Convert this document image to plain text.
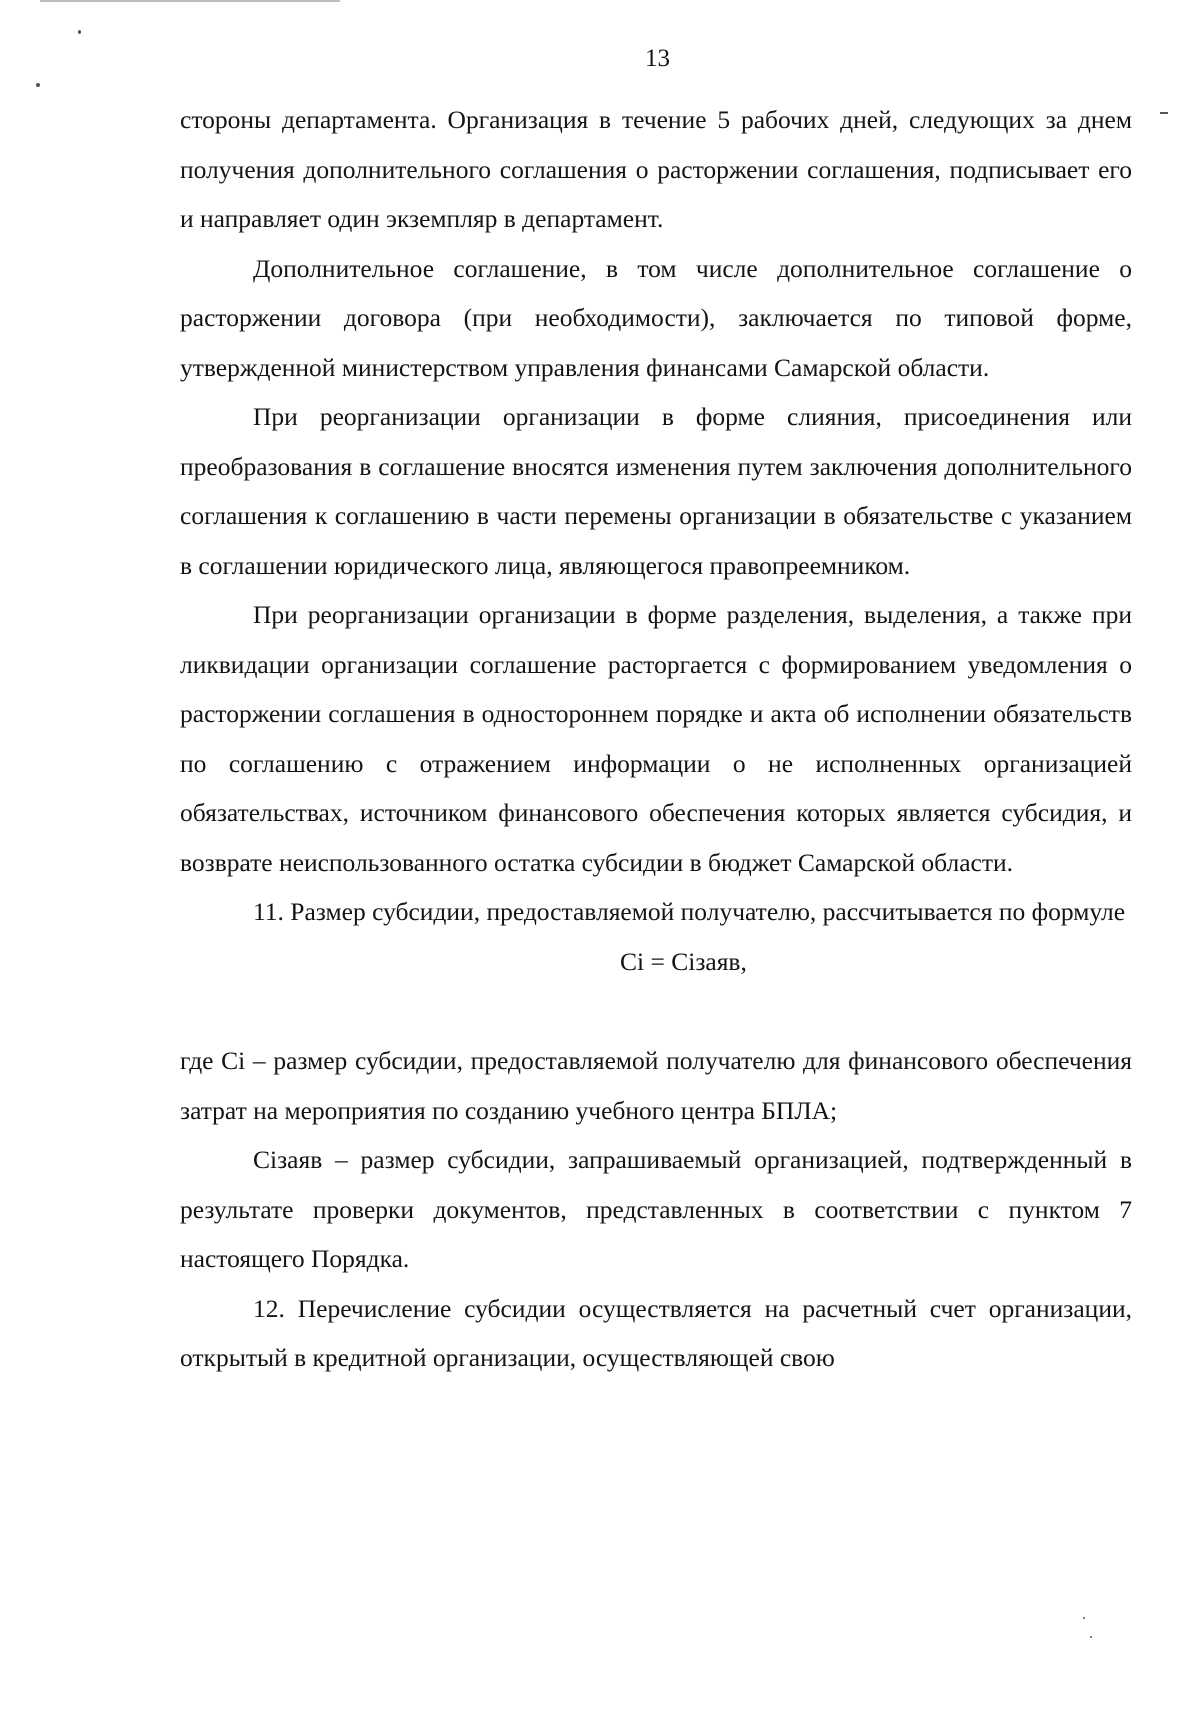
13

стороны департамента. Организация в течение 5 рабочих дней, следующих за днем получения дополнительного соглашения о расторжении соглашения, подписывает его и направляет один экземпляр в департамент.

Дополнительное соглашение, в том числе дополнительное соглашение о расторжении договора (при необходимости), заключается по типовой форме, утвержденной министерством управления финансами Самарской области.

При реорганизации организации в форме слияния, присоединения или преобразования в соглашение вносятся изменения путем заключения дополнительного соглашения к соглашению в части перемены организации в обязательстве с указанием в соглашении юридического лица, являющегося правопреемником.

При реорганизации организации в форме разделения, выделения, а также при ликвидации организации соглашение расторгается с формированием уведомления о расторжении соглашения в одностороннем порядке и акта об исполнении обязательств по соглашению с отражением информации о не исполненных организацией обязательствах, источником финансового обеспечения которых является субсидия, и возврате неиспользованного остатка субсидии в бюджет Самарской области.

11. Размер субсидии, предоставляемой получателю, рассчитывается по формуле

Ci = Ciзаяв,

где Ci – размер субсидии, предоставляемой получателю для финансового обеспечения затрат на мероприятия по созданию учебного центра БПЛА;

Ciзаяв – размер субсидии, запрашиваемый организацией, подтвержденный в результате проверки документов, представленных в соответствии с пунктом 7 настоящего Порядка.

12. Перечисление субсидии осуществляется на расчетный счет организации, открытый в кредитной организации, осуществляющей свою
